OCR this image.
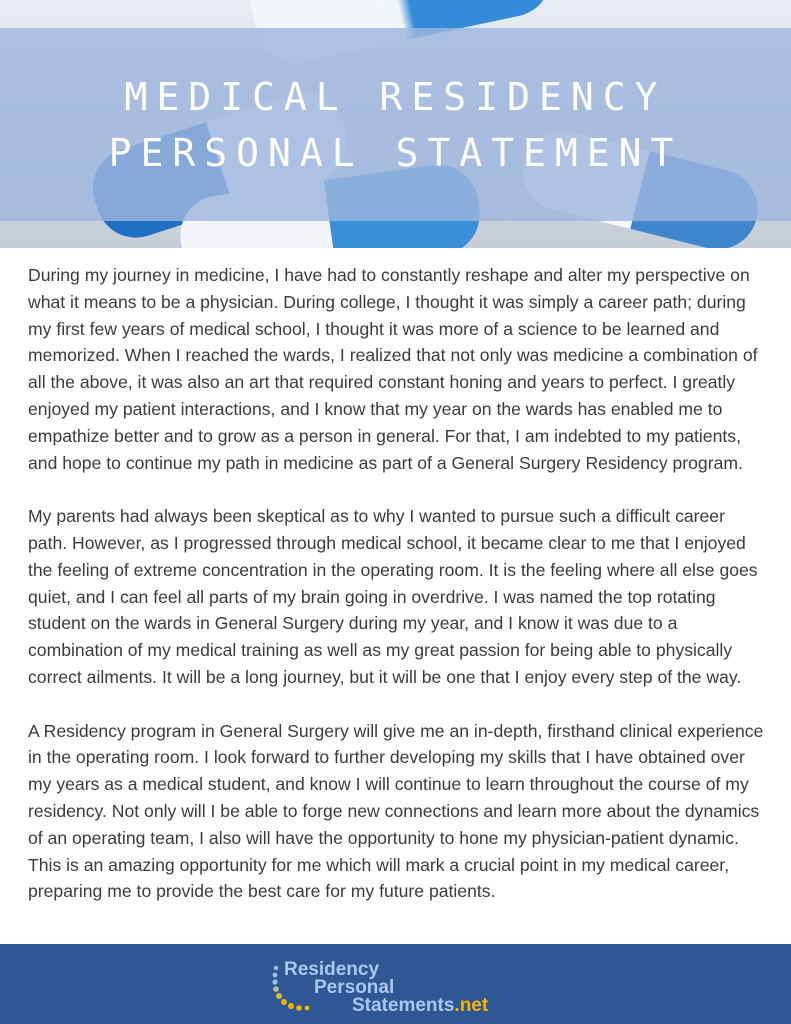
MEDICAL RESIDENCY
PERSONAL STATEMENT

During my journey in medicine, I have had to constantly reshape and alter my perspective on what it means to be a physician. During college, I thought it was simply a career path; during my first few years of medical school, I thought it was more of a science to be learned and memorized. When I reached the wards, I realized that not only was medicine a combination of all the above, it was also an art that required constant honing and years to perfect. I greatly enjoyed my patient interactions, and I know that my year on the wards has enabled me to empathize better and to grow as a person in general. For that, I am indebted to my patients, and hope to continue my path in medicine as part of a General Surgery Residency program.

My parents had always been skeptical as to why I wanted to pursue such a difficult career path. However, as I progressed through medical school, it became clear to me that I enjoyed the feeling of extreme concentration in the operating room. It is the feeling where all else goes quiet, and I can feel all parts of my brain going in overdrive. I was named the top rotating student on the wards in General Surgery during my year, and I know it was due to a combination of my medical training as well as my great passion for being able to physically correct ailments. It will be a long journey, but it will be one that I enjoy every step of the way.

A Residency program in General Surgery will give me an in-depth, firsthand clinical experience in the operating room. I look forward to further developing my skills that I have obtained over my years as a medical student, and know I will continue to learn throughout the course of my residency. Not only will I be able to forge new connections and learn more about the dynamics of an operating team, I also will have the opportunity to hone my physician-patient dynamic. This is an amazing opportunity for me which will mark a crucial point in my medical career, preparing me to provide the best care for my future patients.

Residency
Personal
Statements.net
